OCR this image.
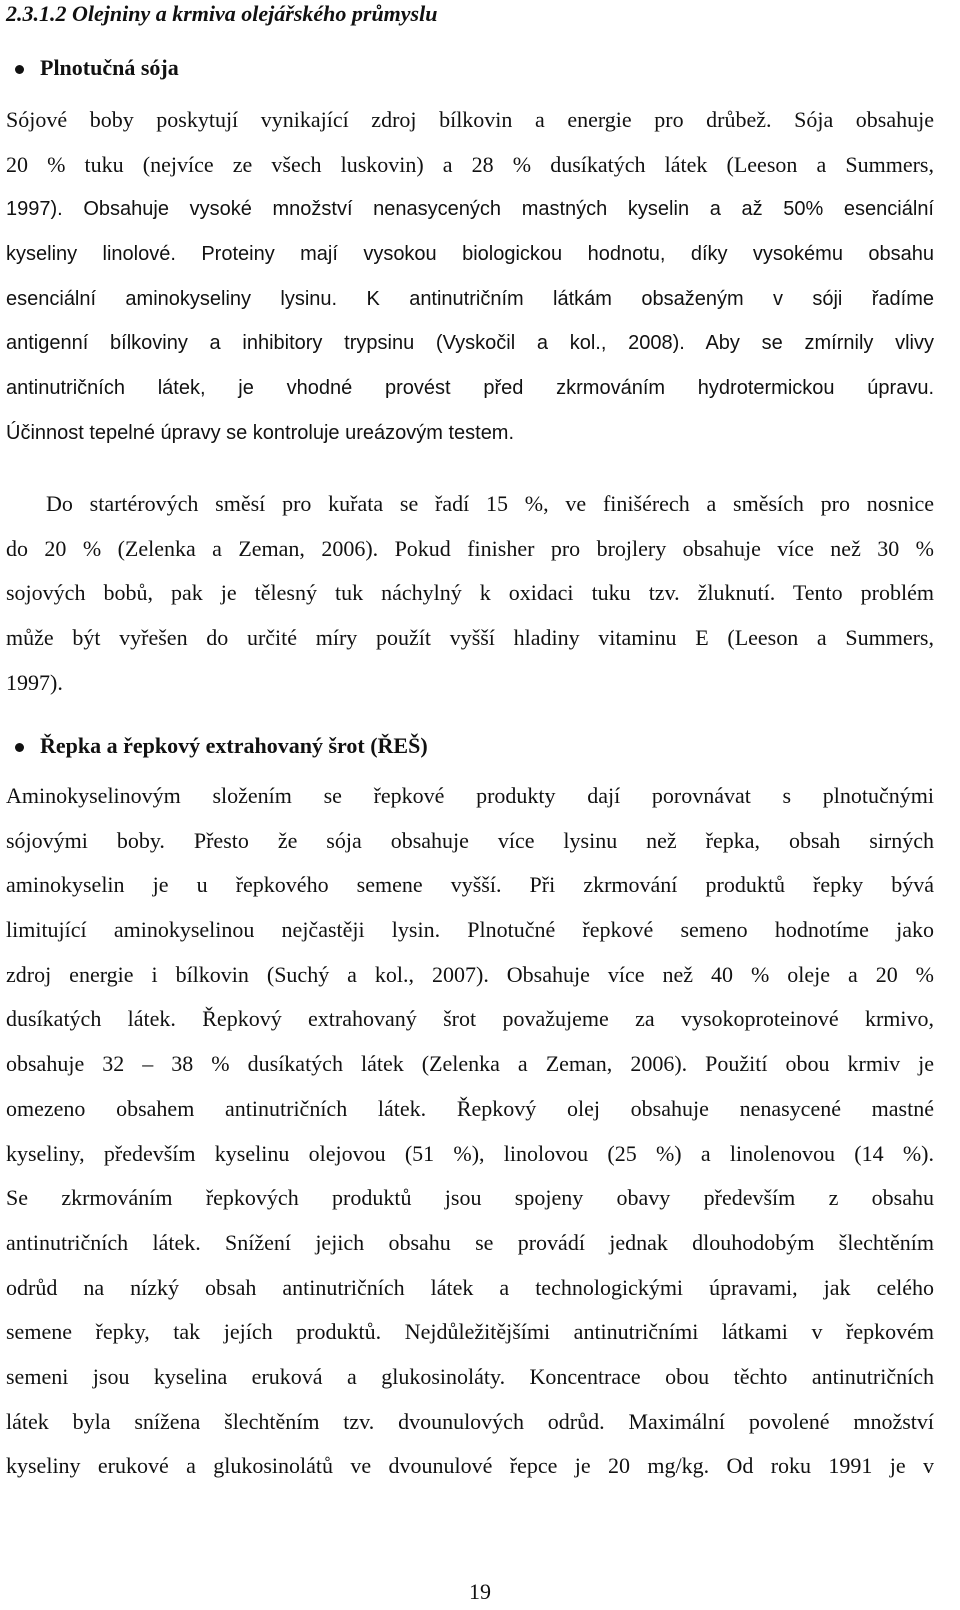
2.3.1.2 Olejniny a krmiva olejářského průmyslu
Plnotučná sója
Sójové boby poskytují vynikající zdroj bílkovin a energie pro drůbež. Sója obsahuje
20 % tuku (nejvíce ze všech luskovin) a 28 % dusíkatých látek (Leeson a Summers,
1997). Obsahuje vysoké množství nenasycených mastných kyselin a až 50% esenciální
kyseliny linolové. Proteiny mají vysokou biologickou hodnotu, díky vysokému obsahu
esenciální aminokyseliny lysinu. K antinutričním látkám obsaženým v sóji řadíme
antigenní bílkoviny a inhibitory trypsinu (Vyskočil a kol., 2008). Aby se zmírnily vlivy
antinutričních látek, je vhodné provést před zkrmováním hydrotermickou úpravu.
Účinnost tepelné úpravy se kontroluje ureázovým testem.
Do startérových směsí pro kuřata se řadí 15 %, ve finišérech a směsích pro nosnice
do 20 % (Zelenka a Zeman, 2006). Pokud finisher pro brojlery obsahuje více než 30 %
sojových bobů, pak je tělesný tuk náchylný k oxidaci tuku tzv. žluknutí. Tento problém
může být vyřešen do určité míry použít vyšší hladiny vitaminu E (Leeson a Summers,
1997).
Řepka a řepkový extrahovaný šrot (ŘEŠ)
Aminokyselinovým složením se řepkové produkty dají porovnávat s plnotučnými
sójovými boby. Přesto že sója obsahuje více lysinu než řepka, obsah sirných
aminokyselin je u řepkového semene vyšší. Při zkrmování produktů řepky bývá
limitující aminokyselinou nejčastěji lysin. Plnotučné řepkové semeno hodnotíme jako
zdroj energie i bílkovin (Suchý a kol., 2007). Obsahuje více než 40 % oleje a 20 %
dusíkatých látek. Řepkový extrahovaný šrot považujeme za vysokoproteinové krmivo,
obsahuje 32 – 38 % dusíkatých látek (Zelenka a Zeman, 2006). Použití obou krmiv je
omezeno obsahem antinutričních látek. Řepkový olej obsahuje nenasycené mastné
kyseliny, především kyselinu olejovou (51 %), linolovou (25 %) a linolenovou (14 %).
Se zkrmováním řepkových produktů jsou spojeny obavy především z obsahu
antinutričních látek. Snížení jejich obsahu se provádí jednak dlouhodobým šlechtěním
odrůd na nízký obsah antinutričních látek a technologickými úpravami, jak celého
semene řepky, tak jejích produktů. Nejdůležitějšími antinutričními látkami v řepkovém
semeni jsou kyselina eruková a glukosinoláty. Koncentrace obou těchto antinutričních
látek byla snížena šlechtěním tzv. dvounulových odrůd. Maximální povolené množství
kyseliny erukové a glukosinolátů ve dvounulové řepce je 20 mg/kg. Od roku 1991 je v
19
